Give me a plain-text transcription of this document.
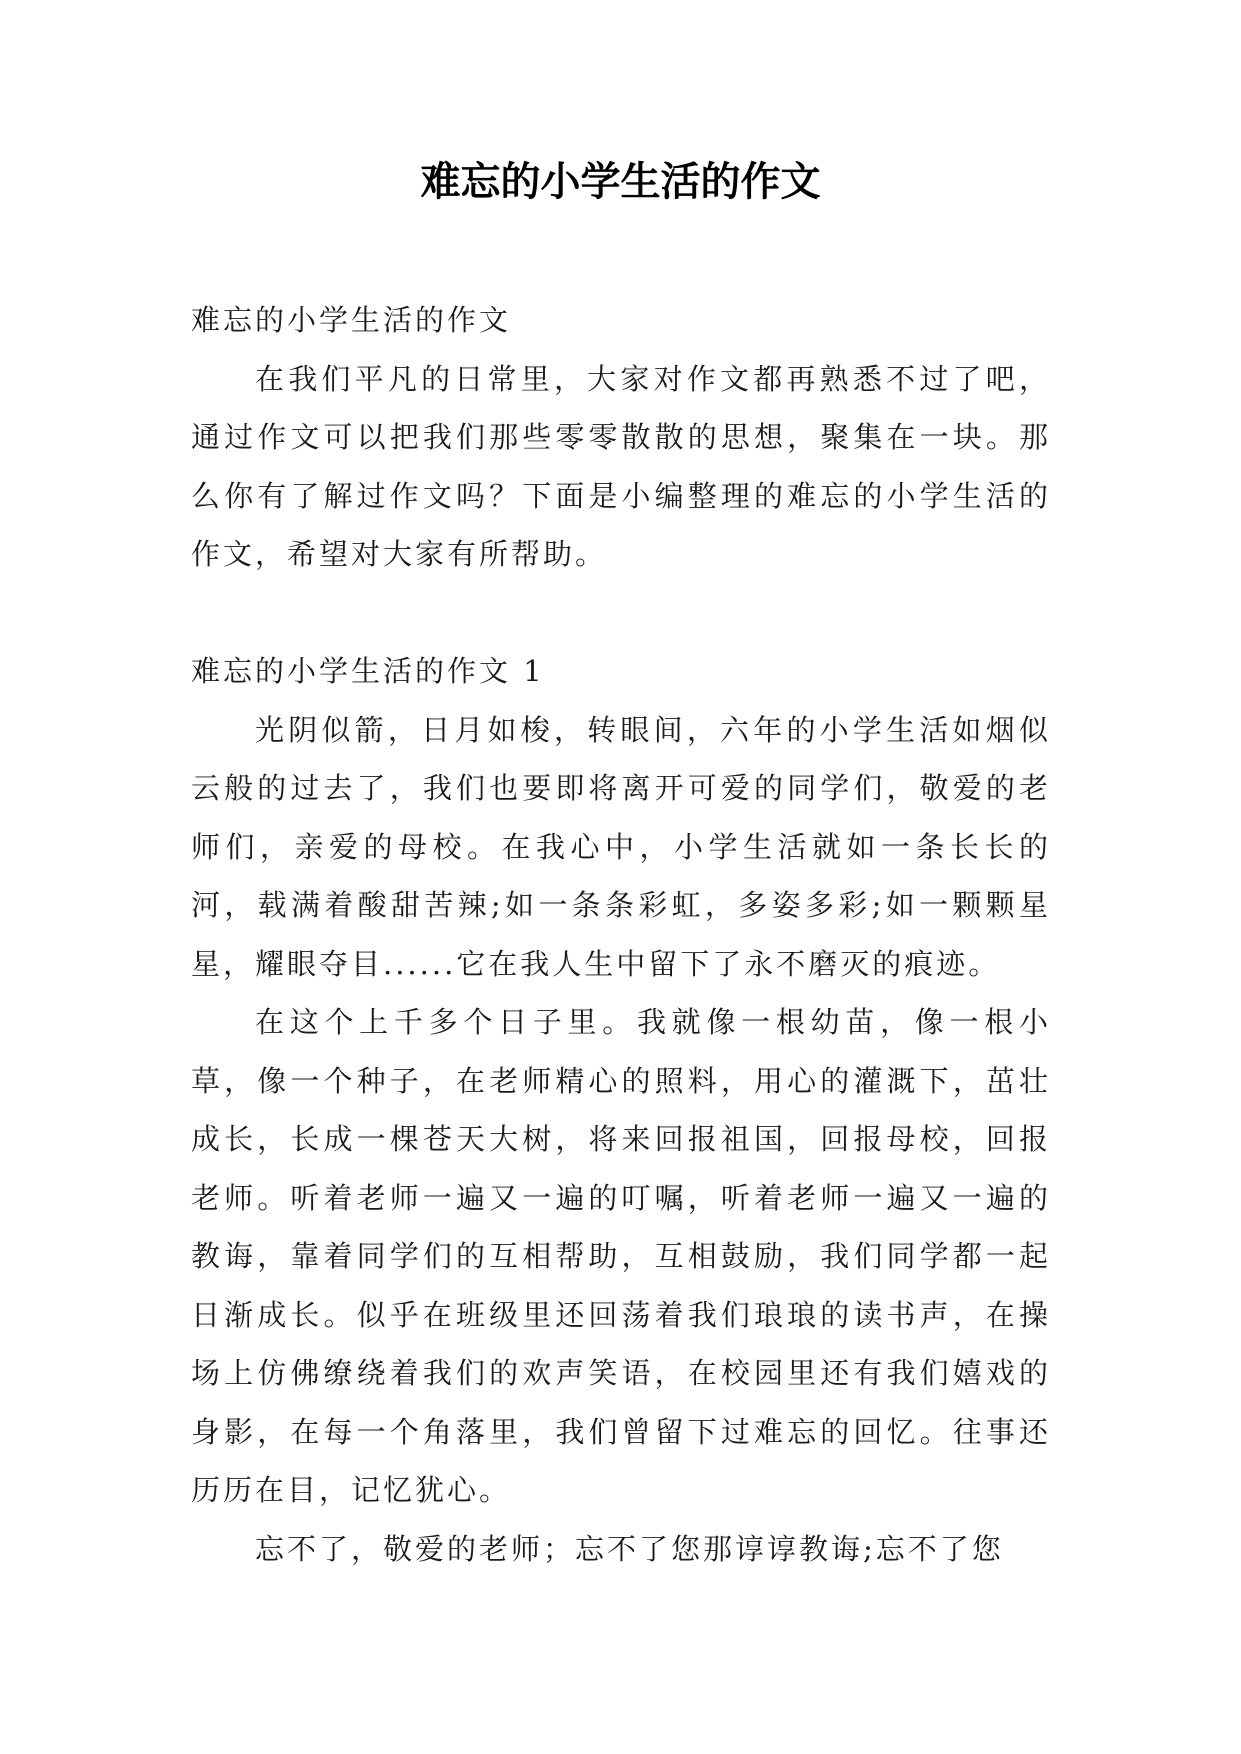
难忘的小学生活的作文

难忘的小学生活的作文

在我们平凡的日常里，大家对作文都再熟悉不过了吧，通过作文可以把我们那些零零散散的思想，聚集在一块。那么你有了解过作文吗？下面是小编整理的难忘的小学生活的作文，希望对大家有所帮助。

难忘的小学生活的作文 1

光阴似箭，日月如梭，转眼间，六年的小学生活如烟似云般的过去了，我们也要即将离开可爱的同学们，敬爱的老师们，亲爱的母校。在我心中，小学生活就如一条长长的河，载满着酸甜苦辣;如一条条彩虹，多姿多彩;如一颗颗星星，耀眼夺目......它在我人生中留下了永不磨灭的痕迹。

在这个上千多个日子里。我就像一根幼苗，像一根小草，像一个种子，在老师精心的照料，用心的灌溉下，茁壮成长，长成一棵苍天大树，将来回报祖国，回报母校，回报老师。听着老师一遍又一遍的叮嘱，听着老师一遍又一遍的教诲，靠着同学们的互相帮助，互相鼓励，我们同学都一起日渐成长。似乎在班级里还回荡着我们琅琅的读书声，在操场上仿佛缭绕着我们的欢声笑语，在校园里还有我们嬉戏的身影，在每一个角落里，我们曾留下过难忘的回忆。往事还历历在目，记忆犹心。

忘不了，敬爱的老师；忘不了您那谆谆教诲;忘不了您
